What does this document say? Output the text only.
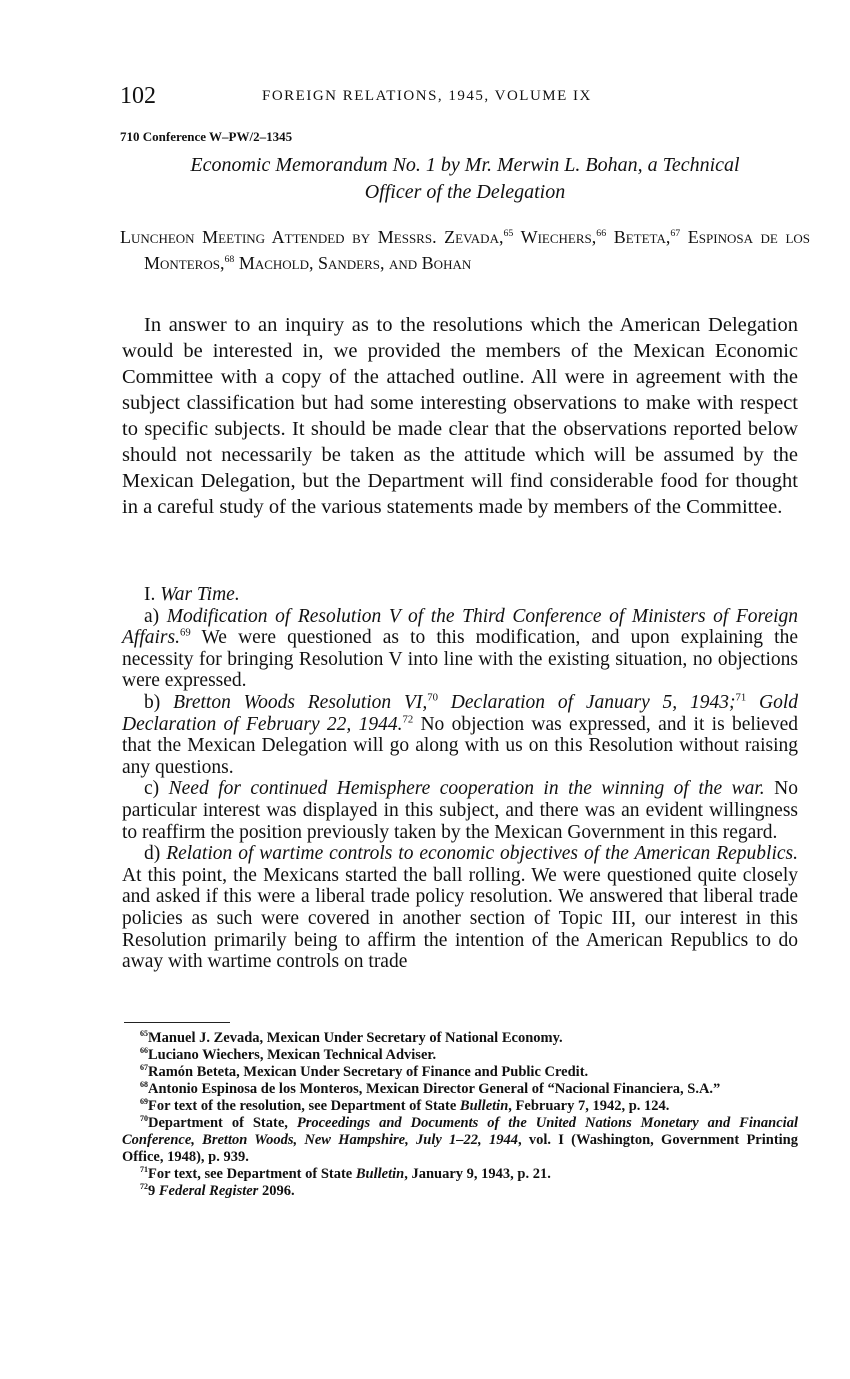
102	FOREIGN RELATIONS, 1945, VOLUME IX
710 Conference W–PW/2–1345
Economic Memorandum No. 1 by Mr. Merwin L. Bohan, a Technical
Officer of the Delegation
Luncheon Meeting Attended by Messrs. Zevada,$^{65}$ Wiechers,$^{66}$ Beteta,$^{67}$ Espinosa de los Monteros,$^{68}$ Machold, Sanders, and Bohan

In answer to an inquiry as to the resolutions which the American Delegation would be interested in, we provided the members of the Mexican Economic Committee with a copy of the attached outline. All were in agreement with the subject classification but had some interesting observations to make with respect to specific subjects. It should be made clear that the observations reported below should not necessarily be taken as the attitude which will be assumed by the Mexican Delegation, but the Department will find considerable food for thought in a careful study of the various statements made by members of the Committee.

I. War Time.

a) Modification of Resolution V of the Third Conference of Ministers of Foreign Affairs.$^{69}$ We were questioned as to this modification, and upon explaining the necessity for bringing Resolution V into line with the existing situation, no objections were expressed.

b) Bretton Woods Resolution VI,$^{70}$ Declaration of January 5, 1943;$^{71}$ Gold Declaration of February 22, 1944.72 No objection was expressed, and it is believed that the Mexican Delegation will go along with us on this Resolution without raising any questions.

c) Need for continued Hemisphere cooperation in the winning of the war. No particular interest was displayed in this subject, and there was an evident willingness to reaffirm the position previously taken by the Mexican Government in this regard.

d) Relation of wartime controls to economic objectives of the American Republics. At this point, the Mexicans started the ball rolling. We were questioned quite closely and asked if this were a liberal trade policy resolution. We answered that liberal trade policies as such were covered in another section of Topic III, our interest in this Resolution primarily being to affirm the intention of the American Republics to do away with wartime controls on trade

$^{65}$Manuel J. Zevada, Mexican Under Secretary of National Economy.

$^{66}$Luciano Wiechers, Mexican Technical Adviser.

$^{67}$Ramón Beteta, Mexican Under Secretary of Finance and Public Credit.

$^{68}$Antonio Espinosa de los Monteros, Mexican Director General of “Nacional Financiera, S.A.”

$^{69}$For text of the resolution, see Department of State Bulletin, February 7, 1942, p. 124.

$^{70}$Department of State, Proceedings and Documents of the United Nations Monetary and Financial Conference, Bretton Woods, New Hampshire, July 1–22, 1944, vol. I (Washington, Government Printing Office, 1948), p. 939.

$^{71}$For text, see Department of State Bulletin, January 9, 1943, p. 21.

$^{72}$9 Federal Register 2096.
